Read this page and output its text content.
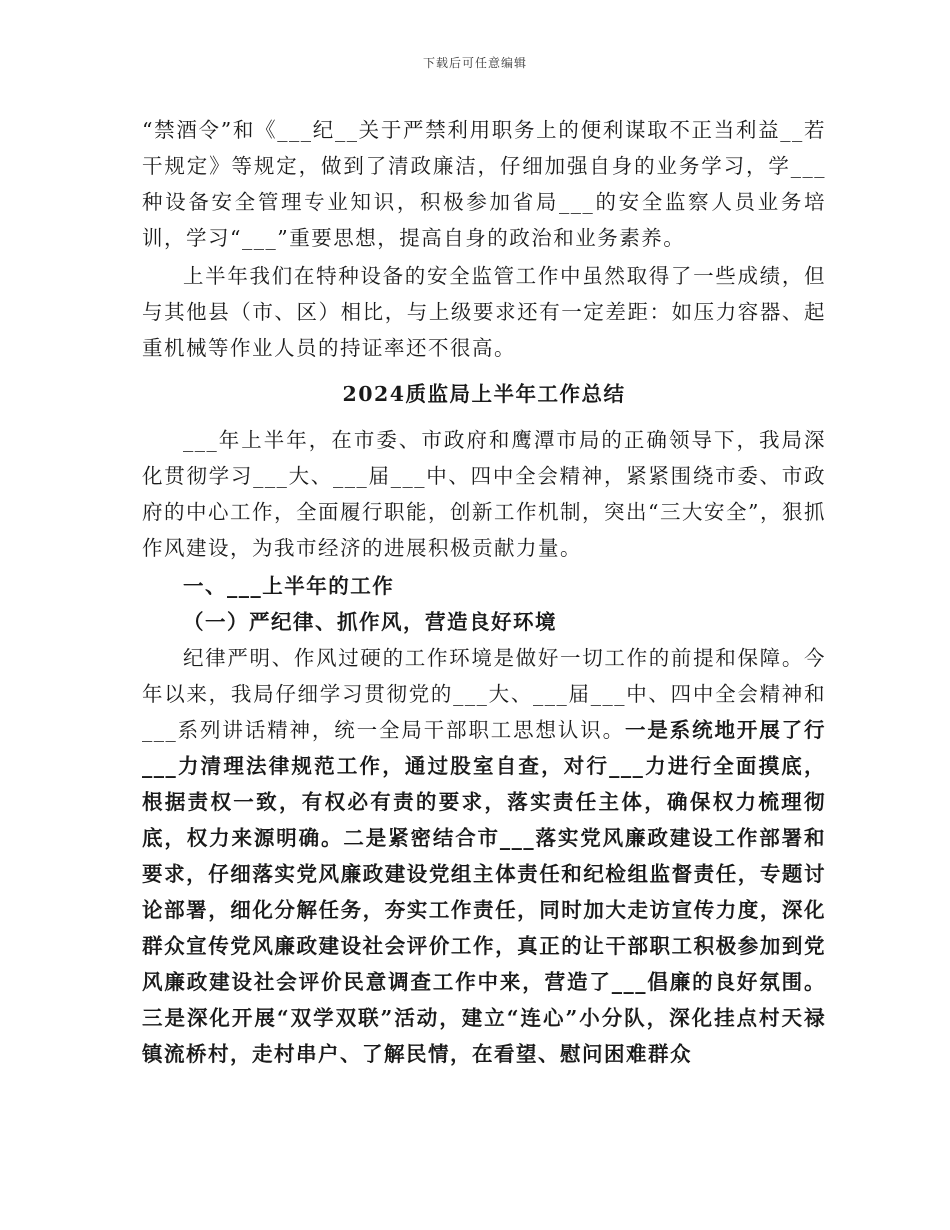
下载后可任意编辑

“禁酒令”和《___纪__关于严禁利用职务上的便利谋取不正当利益__若干规定》等规定，做到了清政廉洁，仔细加强自身的业务学习，学___种设备安全管理专业知识，积极参加省局___的安全监察人员业务培训，学习“___”重要思想，提高自身的政治和业务素养。

上半年我们在特种设备的安全监管工作中虽然取得了一些成绩，但与其他县（市、区）相比，与上级要求还有一定差距：如压力容器、起重机械等作业人员的持证率还不很高。

2024质监局上半年工作总结

___年上半年，在市委、市政府和鹰潭市局的正确领导下，我局深化贯彻学习___大、___届___中、四中全会精神，紧紧围绕市委、市政府的中心工作，全面履行职能，创新工作机制，突出“三大安全”，狠抓作风建设，为我市经济的进展积极贡献力量。

一、___上半年的工作

（一）严纪律、抓作风，营造良好环境

纪律严明、作风过硬的工作环境是做好一切工作的前提和保障。今年以来，我局仔细学习贯彻党的___大、___届___中、四中全会精神和___系列讲话精神，统一全局干部职工思想认识。一是系统地开展了行___力清理法律规范工作，通过股室自查，对行___力进行全面摸底，根据责权一致，有权必有责的要求，落实责任主体，确保权力梳理彻底，权力来源明确。二是紧密结合市___落实党风廉政建设工作部署和要求，仔细落实党风廉政建设党组主体责任和纪检组监督责任，专题讨论部署，细化分解任务，夯实工作责任，同时加大走访宣传力度，深化群众宣传党风廉政建设社会评价工作，真正的让干部职工积极参加到党风廉政建设社会评价民意调查工作中来，营造了___倡廉的良好氛围。三是深化开展“双学双联”活动，建立“连心”小分队，深化挂点村天禄镇流桥村，走村串户、了解民情，在看望、慰问困难群众
